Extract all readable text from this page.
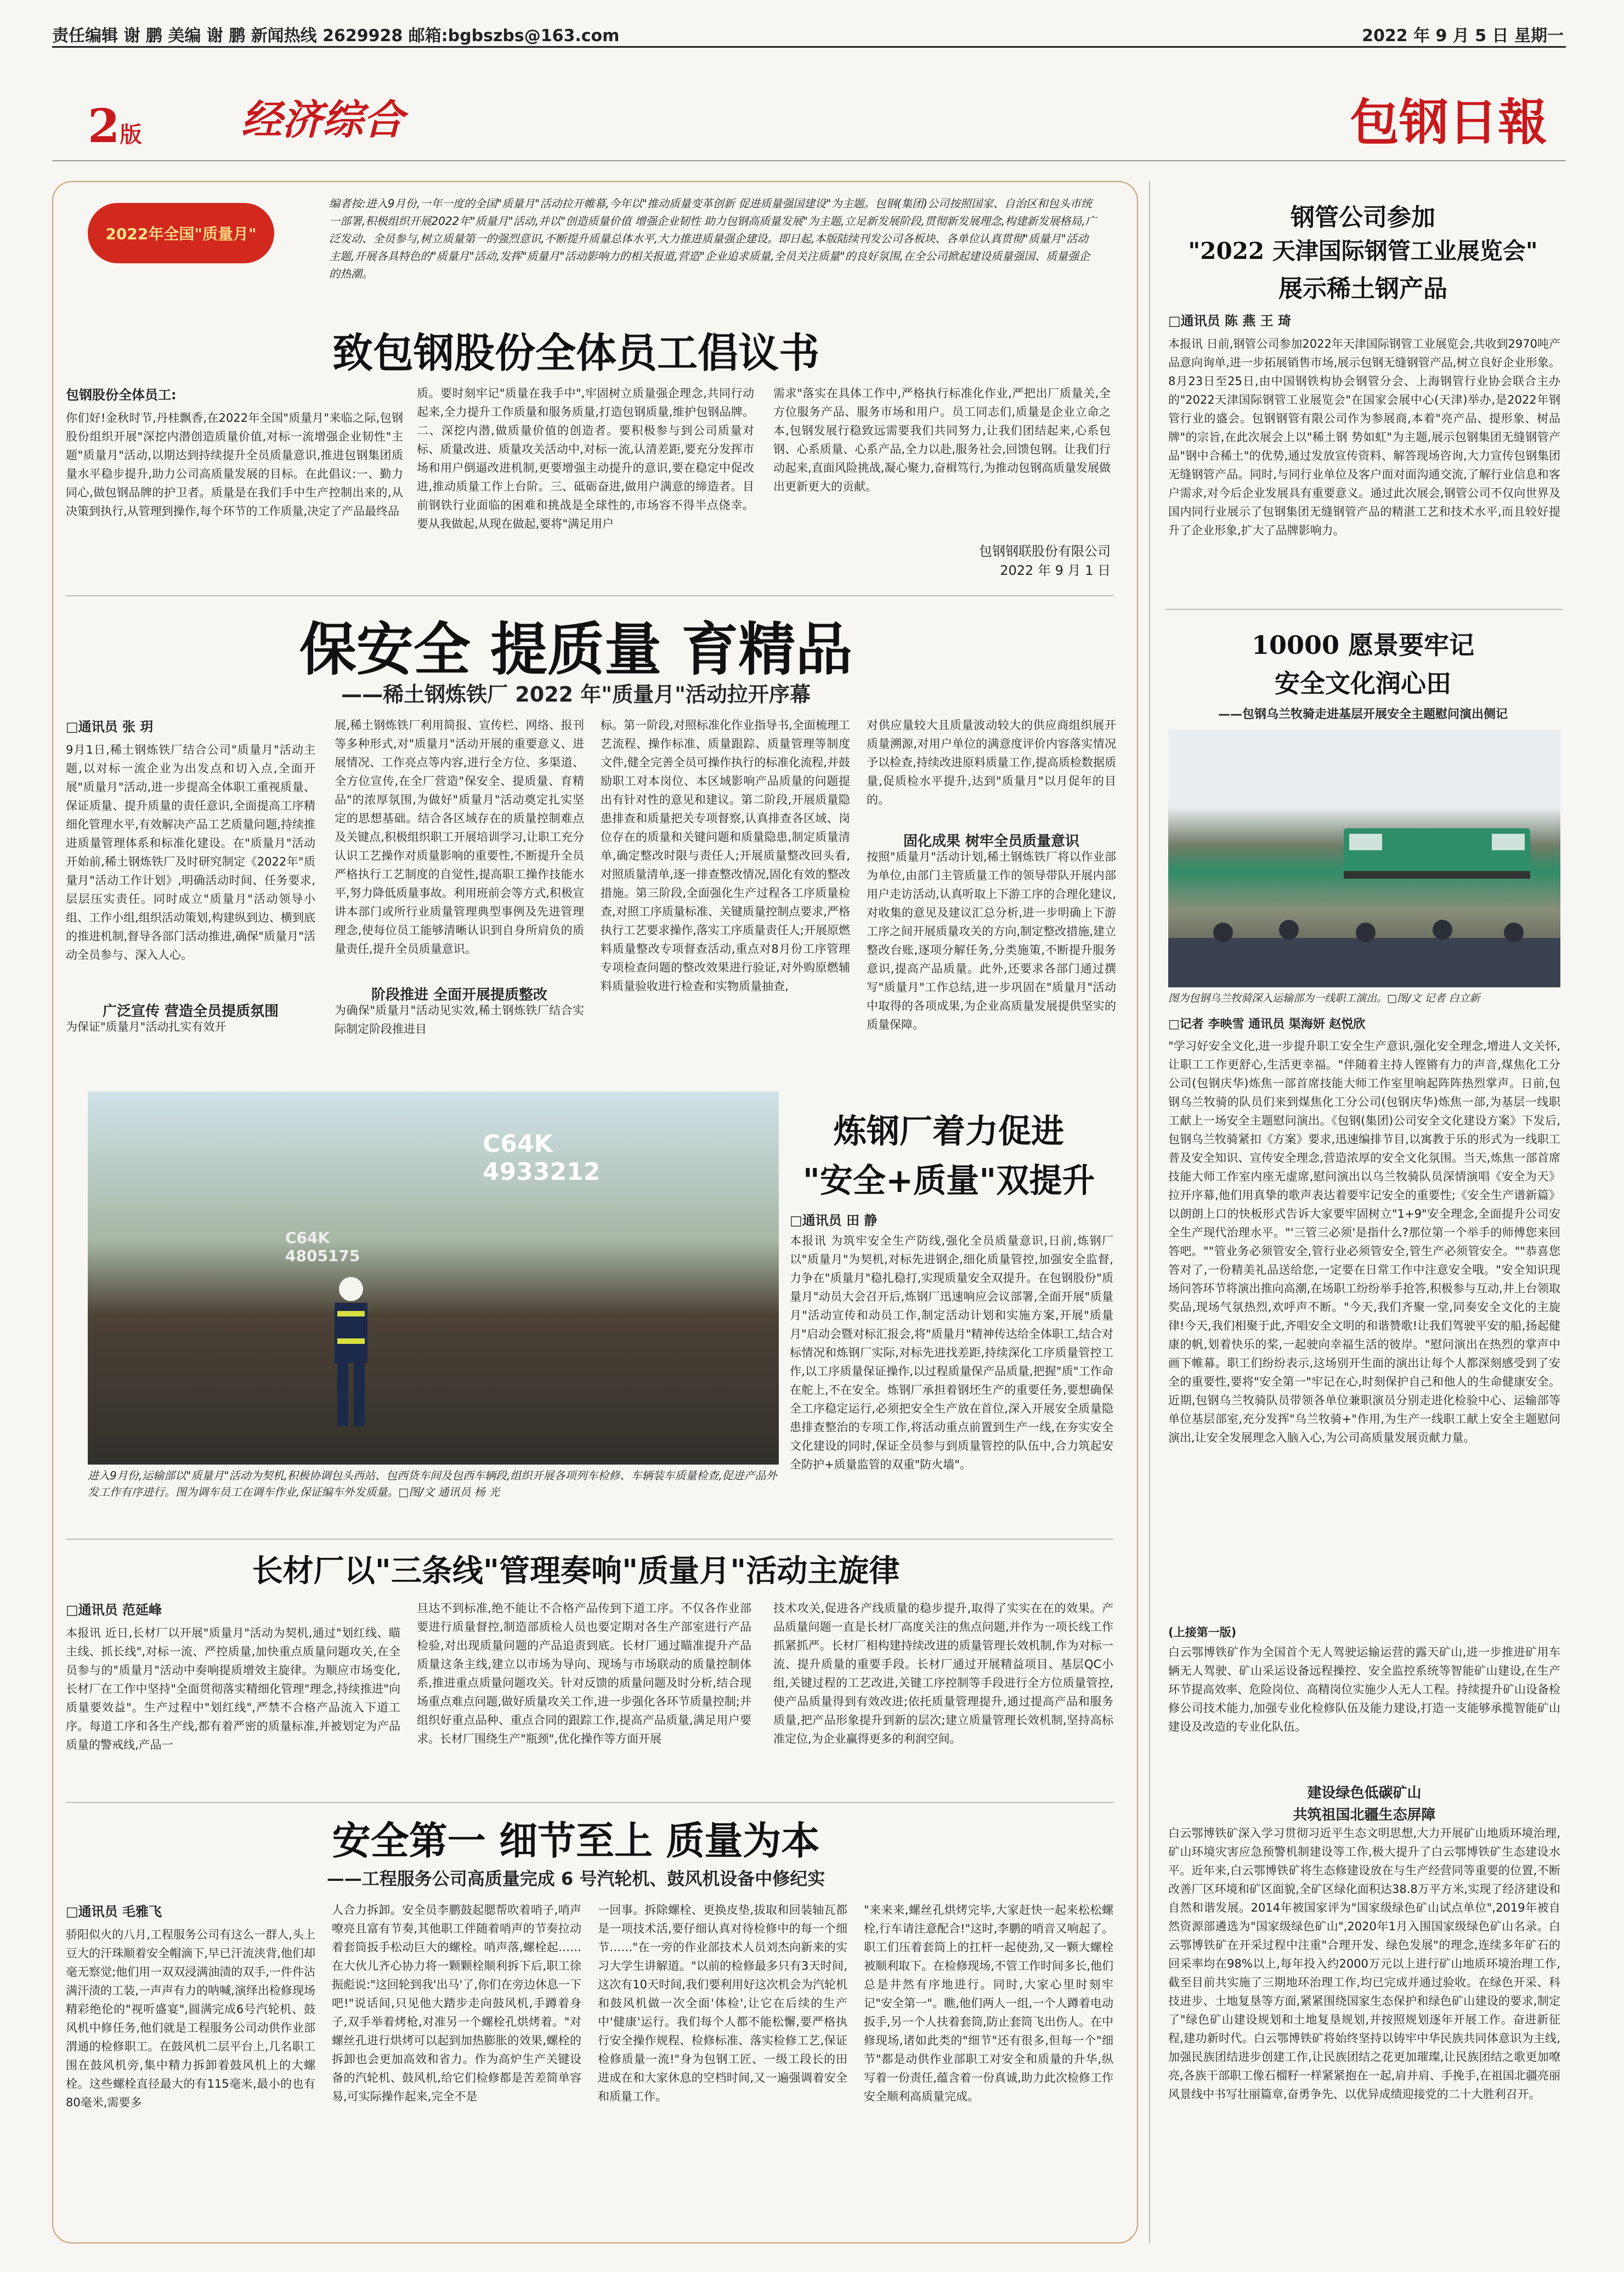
责任编辑 谢 鹏 美编 谢 鹏 新闻热线 2629928 邮箱:bgbszbs@163.com	2022 年 9 月 5 日 星期一
2版 经济综合	包钢日報
2022年全国"质量月"
编者按:进入9月份,一年一度的全国"质量月"活动拉开帷幕,今年以"推动质量变革创新 促进质量强国建设"为主题。包钢(集团)公司按照国家、自治区和包头市统一部署,积极组织开展2022年"质量月"活动,并以"创造质量价值 增强企业韧性 助力包钢高质量发展"为主题,立足新发展阶段,贯彻新发展理念,构建新发展格局,广泛发动、全员参与,树立质量第一的强烈意识,不断提升质量总体水平,大力推进质量强企建设。即日起,本版陆续刊发公司各板块、各单位认真贯彻"质量月"活动主题,开展各具特色的"质量月"活动,发挥"质量月"活动影响力的相关报道,营造"企业追求质量,全员关注质量"的良好氛围,在全公司掀起建设质量强国、质量强企的热潮。
致包钢股份全体员工倡议书
包钢股份全体员工:
你们好!金秋时节,丹桂飘香,在2022年全国"质量月"来临之际,包钢股份组织开展"深挖内潜创造质量价值,对标一流增强企业韧性"主题"质量月"活动,以期达到持续提升全员质量意识,推进包钢集团质量水平稳步提升,助力公司高质量发展的目标。在此倡议:一、勤力同心,做包钢品牌的护卫者。质量是在我们手中生产控制出来的,从决策到执行,从管理到操作,每个环节的工作质量,决定了产品最终品
质。要时刻牢记"质量在我手中",牢固树立质量强企理念,共同行动起来,全力提升工作质量和服务质量,打造包钢质量,维护包钢品牌。二、深挖内潜,做质量价值的创造者。要积极参与到公司质量对标、质量改进、质量攻关活动中,对标一流,认清差距,要充分发挥市场和用户倒逼改进机制,更要增强主动提升的意识,要在稳定中促改进,推动质量工作上台阶。三、砥砺奋进,做用户满意的缔造者。目前钢铁行业面临的困难和挑战是全球性的,市场容不得半点侥幸。要从我做起,从现在做起,要将"满足用户
需求"落实在具体工作中,严格执行标准化作业,严把出厂质量关,全方位服务产品、服务市场和用户。员工同志们,质量是企业立命之本,包钢发展行稳致远需要我们共同努力,让我们团结起来,心系包钢、心系质量、心系产品,全力以赴,服务社会,回馈包钢。让我们行动起来,直面风险挑战,凝心聚力,奋楫笃行,为推动包钢高质量发展做出更新更大的贡献。
包钢钢联股份有限公司
2022 年 9 月 1 日
保安全 提质量 育精品
——稀土钢炼铁厂 2022 年"质量月"活动拉开序幕
□通讯员 张 玥
9月1日,稀土钢炼铁厂结合公司"质量月"活动主题,以对标一流企业为出发点和切入点,全面开展"质量月"活动,进一步提高全体职工重视质量、保证质量、提升质量的责任意识,全面提高工序精细化管理水平,有效解决产品工艺质量问题,持续推进质量管理体系和标准化建设。在"质量月"活动开始前,稀土钢炼铁厂及时研究制定《2022年"质量月"活动工作计划》,明确活动时间、任务要求,层层压实责任。同时成立"质量月"活动领导小组、工作小组,组织活动策划,构建纵到边、横到底的推进机制,督导各部门活动推进,确保"质量月"活动全员参与、深入人心。
广泛宣传 营造全员提质氛围
为保证"质量月"活动扎实有效开
展,稀土钢炼铁厂利用简报、宣传栏、网络、报刊等多种形式,对"质量月"活动开展的重要意义、进展情况、工作亮点等内容,进行全方位、多渠道、全方位宣传,在全厂营造"保安全、提质量、育精品"的浓厚氛围,为做好"质量月"活动奠定扎实坚定的思想基础。结合各区域存在的质量控制难点及关键点,积极组织职工开展培训学习,让职工充分认识工艺操作对质量影响的重要性,不断提升全员严格执行工艺制度的自觉性,提高职工操作技能水平,努力降低质量事故。利用班前会等方式,积极宣讲本部门或所行业质量管理典型事例及先进管理理念,使每位员工能够清晰认识到自身所肩负的质量责任,提升全员质量意识。
阶段推进 全面开展提质整改
为确保"质量月"活动见实效,稀土钢炼铁厂结合实际制定阶段推进目
标。第一阶段,对照标准化作业指导书,全面梳理工艺流程、操作标准、质量跟踪、质量管理等制度文件,健全完善全员可操作执行的标准化流程,并鼓励职工对本岗位、本区域影响产品质量的问题提出有针对性的意见和建议。第二阶段,开展质量隐患排查和质量把关专项督察,认真排查各区域、岗位存在的质量和关键问题和质量隐患,制定质量清单,确定整改时限与责任人;开展质量整改回头看,对照质量清单,逐一排查整改情况,固化有效的整改措施。第三阶段,全面强化生产过程各工序质量检查,对照工序质量标准、关键质量控制点要求,严格执行工艺要求操作,落实工序质量责任人;开展原燃料质量整改专项督查活动,重点对8月份工序管理专项检查问题的整改效果进行验证,对外购原燃辅料质量验收进行检查和实物质量抽查,
对供应量较大且质量波动较大的供应商组织展开质量溯源,对用户单位的满意度评价内容落实情况予以检查,持续改进原料质量工作,提高质检数据质量,促质检水平提升,达到"质量月"以月促年的目的。
固化成果 树牢全员质量意识
按照"质量月"活动计划,稀土钢炼铁厂将以作业部为单位,由部门主管质量工作的领导带队开展内部用户走访活动,认真听取上下游工序的合理化建议,对收集的意见及建议汇总分析,进一步明确上下游工序之间开展质量攻关的方向,制定整改措施,建立整改台账,逐项分解任务,分类施策,不断提升服务意识,提高产品质量。此外,还要求各部门通过撰写"质量月"工作总结,进一步巩固在"质量月"活动中取得的各项成果,为企业高质量发展提供坚实的质量保障。
C64K 4933212
C64K 4805175
进入9月份,运输部以"质量月"活动为契机,积极协调包头西站、包西货车间及包西车辆段,组织开展各项列车检修、车辆装车质量检查,促进产品外发工作有序进行。图为调车员工在调车作业,保证编车外发质量。□图/文 通讯员 杨 光
炼钢厂着力促进
"安全+质量"双提升
□通讯员 田 静
本报讯 为筑牢安全生产防线,强化全员质量意识,日前,炼钢厂以"质量月"为契机,对标先进钢企,细化质量管控,加强安全监督,力争在"质量月"稳扎稳打,实现质量安全双提升。在包钢股份"质量月"动员大会召开后,炼钢厂迅速响应会议部署,全面开展"质量月"活动宣传和动员工作,制定活动计划和实施方案,开展"质量月"启动会暨对标汇报会,将"质量月"精神传达给全体职工,结合对标情况和炼钢厂实际,对标先进找差距,持续深化工序质量管控工作,以工序质量保证操作,以过程质量保产品质量,把握"质"工作命在舵上,不在安全。炼钢厂承担着钢坯生产的重要任务,要想确保全工序稳定运行,必须把安全生产放在首位,深入开展安全质量隐患排查整治的专项工作,将活动重点前置到生产一线,在夯实安全文化建设的同时,保证全员参与到质量管控的队伍中,合力筑起安全防护+质量监管的双重"防火墙"。
长材厂以"三条线"管理奏响"质量月"活动主旋律
□通讯员 范延峰
本报讯 近日,长材厂以开展"质量月"活动为契机,通过"划红线、瞄主线、抓长线",对标一流、严控质量,加快重点质量问题攻关,在全员参与的"质量月"活动中奏响提质增效主旋律。为顺应市场变化,长材厂在工作中坚持"全面贯彻落实精细化管理"理念,持续推进"向质量要效益"。生产过程中"划红线",严禁不合格产品流入下道工序。每道工序和各生产线,都有着严密的质量标准,并被划定为产品质量的警戒线,产品一
旦达不到标准,绝不能让不合格产品传到下道工序。不仅各作业部要进行质量督控,制造部质检人员也要定期对各生产部室进行产品检验,对出现质量问题的产品追责到底。长材厂通过瞄准提升产品质量这条主线,建立以市场为导向、现场与市场联动的质量控制体系,推进重点质量问题攻关。针对反馈的质量问题及时分析,结合现场重点难点问题,做好质量攻关工作,进一步强化各环节质量控制;并组织好重点品种、重点合同的跟踪工作,提高产品质量,满足用户要求。长材厂围绕生产"瓶颈",优化操作等方面开展
技术攻关,促进各产线质量的稳步提升,取得了实实在在的效果。产品质量问题一直是长材厂高度关注的焦点问题,并作为一项长线工作抓紧抓严。长材厂相构建持续改进的质量管理长效机制,作为对标一流、提升质量的重要手段。长材厂通过开展精益项目、基层QC小组,关键过程的工艺改进,关键工序控制等手段进行全方位质量管控,使产品质量得到有效改进;依托质量管理提升,通过提高产品和服务质量,把产品形象提升到新的层次;建立质量管理长效机制,坚持高标准定位,为企业赢得更多的利润空间。
安全第一 细节至上 质量为本
——工程服务公司高质量完成 6 号汽轮机、鼓风机设备中修纪实
□通讯员 毛雅飞
骄阳似火的八月,工程服务公司有这么一群人,头上豆大的汗珠顺着安全帽滴下,早已汗流浃背,他们却毫无察觉;他们用一双双浸满油渍的双手,一件件沾满汗渍的工装,一声声有力的呐喊,演绎出检修现场精彩绝伦的"视听盛宴",圆满完成6号汽轮机、鼓风机中修任务,他们就是工程服务公司动供作业部渭通的检修职工。在鼓风机二层平台上,几名职工围在鼓风机旁,集中精力拆卸着鼓风机上的大螺栓。这些螺栓直径最大的有115毫米,最小的也有80毫米,需要多
人合力拆卸。安全员李鹏鼓起腮帮吹着哨子,哨声嘹亮且富有节奏,其他职工伴随着哨声的节奏拉动着套筒扳手松动巨大的螺栓。哨声落,螺栓起……在大伙儿齐心协力将一颗颗栓顺利拆下后,职工徐振彪说:"这回轮到我'出马'了,你们在旁边休息一下吧!"说话间,只见他大踏步走向鼓风机,手蹲着身子,双手举着烤枪,对准另一个螺栓孔烘烤着。"对螺丝孔进行烘烤可以起到加热膨胀的效果,螺栓的拆卸也会更加高效和省力。作为高炉生产关键设备的汽轮机、鼓风机,给它们检修都是苦差简单容易,可实际操作起来,完全不是
一回事。拆除螺栓、更换皮垫,拔取和回装轴瓦都是一项技术活,要仔细认真对待检修中的每一个细节……"在一旁的作业部技术人员刘杰向新来的实习大学生讲解道。"以前的检修最多只有3天时间,这次有10天时间,我们要利用好这次机会为汽轮机和鼓风机做一次全面'体检',让它在后续的生产中'健康'运行。我们每个人都不能松懈,要严格执行安全操作规程、检修标准、落实检修工艺,保证检修质量一流!"身为包钢工匠、一级工段长的田进成在和大家休息的空档时间,又一遍强调着安全和质量工作。
"来来来,螺丝孔烘烤完毕,大家赶快一起来松松螺栓,行车请注意配合!"这时,李鹏的哨音又响起了。职工们压着套筒上的扛杆一起使劲,又一颗大螺栓被顺利取下。在检修现场,不管工作时间多长,他们总是井然有序地进行。同时,大家心里时刻牢记"安全第一"。瞧,他们两人一组,一个人蹲着电动扳手,另一个人扶着套筒,防止套筒飞出伤人。在中修现场,诸如此类的"细节"还有很多,但每一个"细节"都是动供作业部职工对安全和质量的升华,纵写着一份责任,蕴含着一份真诚,助力此次检修工作安全顺利高质量完成。
钢管公司参加
"2022 天津国际钢管工业展览会"
展示稀土钢产品
□通讯员 陈 燕 王 琦
本报讯 日前,钢管公司参加2022年天津国际钢管工业展览会,共收到2970吨产品意向询单,进一步拓展销售市场,展示包钢无缝钢管产品,树立良好企业形象。8月23日至25日,由中国钢铁构协会钢管分会、上海钢管行业协会联合主办的"2022天津国际钢管工业展览会"在国家会展中心(天津)举办,是2022年钢管行业的盛会。包钢钢管有限公司作为参展商,本着"亮产品、提形象、树品牌"的宗旨,在此次展会上以"稀土钢 势如虹"为主题,展示包钢集团无缝钢管产品"钢中合稀土"的优势,通过发放宣传资料、解答现场咨询,大力宣传包钢集团无缝钢管产品。同时,与同行业单位及客户面对面沟通交流,了解行业信息和客户需求,对今后企业发展具有重要意义。通过此次展会,钢管公司不仅向世界及国内同行业展示了包钢集团无缝钢管产品的精湛工艺和技术水平,而且较好提升了企业形象,扩大了品牌影响力。
10000 愿景要牢记
安全文化润心田
——包钢乌兰牧骑走进基层开展安全主题慰问演出侧记
图为包钢乌兰牧骑深入运输部为一线职工演出。□图/文 记者 白立新
□记者 李映雪 通讯员 渠海妍 赵悦欣
"学习好安全文化,进一步提升职工安全生产意识,强化安全理念,增进人文关怀,让职工工作更舒心,生活更幸福。"伴随着主持人铿锵有力的声音,煤焦化工分公司(包钢庆华)炼焦一部首席技能大师工作室里响起阵阵热烈掌声。日前,包钢乌兰牧骑的队员们来到煤焦化工分公司(包钢庆华)炼焦一部,为基层一线职工献上一场安全主题慰问演出。《包钢(集团)公司安全文化建设方案》下发后,包钢乌兰牧骑紧扣《方案》要求,迅速编排节目,以寓教于乐的形式为一线职工普及安全知识、宣传安全理念,营造浓厚的安全文化氛围。当天,炼焦一部首席技能大师工作室内座无虚席,慰问演出以乌兰牧骑队员深情演唱《安全为天》拉开序幕,他们用真挚的歌声表达着要牢记安全的重要性;《安全生产谱新篇》以朗朗上口的快板形式告诉大家要牢固树立"1+9"安全理念,全面提升公司安全生产现代治理水平。"'三管三必须'是指什么?那位第一个举手的师傅您来回答吧。""管业务必须管安全,管行业必须管安全,管生产必须管安全。""恭喜您答对了,一份精美礼品送给您,一定要在日常工作中注意安全哦。"安全知识现场问答环节将演出推向高潮,在场职工纷纷举手抢答,积极参与互动,井上台领取奖品,现场气氛热烈,欢呼声不断。"今天,我们齐聚一堂,同奏安全文化的主旋律!今天,我们相聚于此,齐唱安全文明的和谐赞歌!让我们驾驶平安的船,扬起健康的帆,划着快乐的桨,一起驶向幸福生活的彼岸。"慰问演出在热烈的掌声中画下帷幕。职工们纷纷表示,这场别开生面的演出让每个人都深刻感受到了安全的重要性,要将"安全第一"牢记在心,时刻保护自己和他人的生命健康安全。近期,包钢乌兰牧骑队员带领各单位兼职演员分别走进化检验中心、运输部等单位基层部室,充分发挥"乌兰牧骑+"作用,为生产一线职工献上安全主题慰问演出,让安全发展理念入脑入心,为公司高质量发展贡献力量。
(上接第一版)
白云鄂博铁矿作为全国首个无人驾驶运输运营的露天矿山,进一步推进矿用车辆无人驾驶、矿山采运设备远程操控、安全监控系统等智能矿山建设,在生产环节提高效率、危险岗位、高精岗位实施少人无人工程。持续提升矿山设备检修公司技术能力,加强专业化检修队伍及能力建设,打造一支能够承揽智能矿山建设及改造的专业化队伍。
建设绿色低碳矿山
共筑祖国北疆生态屏障
白云鄂博铁矿深入学习贯彻习近平生态文明思想,大力开展矿山地质环境治理,矿山环境灾害应急预警机制建设等工作,极大提升了白云鄂博铁矿生态建设水平。近年来,白云鄂博铁矿将生态修建设放在与生产经营同等重要的位置,不断改善厂区环境和矿区面貌,全矿区绿化面积达38.8万平方米,实现了经济建设和自然和谐发展。2014年被国家评为"国家级绿色矿山试点单位",2019年被自然资源部遴选为"国家级绿色矿山",2020年1月入围国家级绿色矿山名录。白云鄂博铁矿在开采过程中注重"合理开发、绿色发展"的理念,连续多年矿石的回采率均在98%以上,每年投入约2000万元以上进行矿山地质环境治理工作,截至目前共实施了三期地环治理工作,均已完成并通过验收。在绿色开采、科技进步、土地复垦等方面,紧紧围绕国家生态保护和绿色矿山建设的要求,制定了"绿色矿山建设规划和土地复垦规划,并按照规划逐年开展工作。奋进新征程,建功新时代。白云鄂博铁矿将始终坚持以铸牢中华民族共同体意识为主线,加强民族团结进步创建工作,让民族团结之花更加璀璨,让民族团结之歌更加嘹亮,各族干部职工像石榴籽一样紧紧抱在一起,肩并肩、手挽手,在祖国北疆亮丽风景线中书写壮丽篇章,奋勇争先、以优异成绩迎接党的二十大胜利召开。
